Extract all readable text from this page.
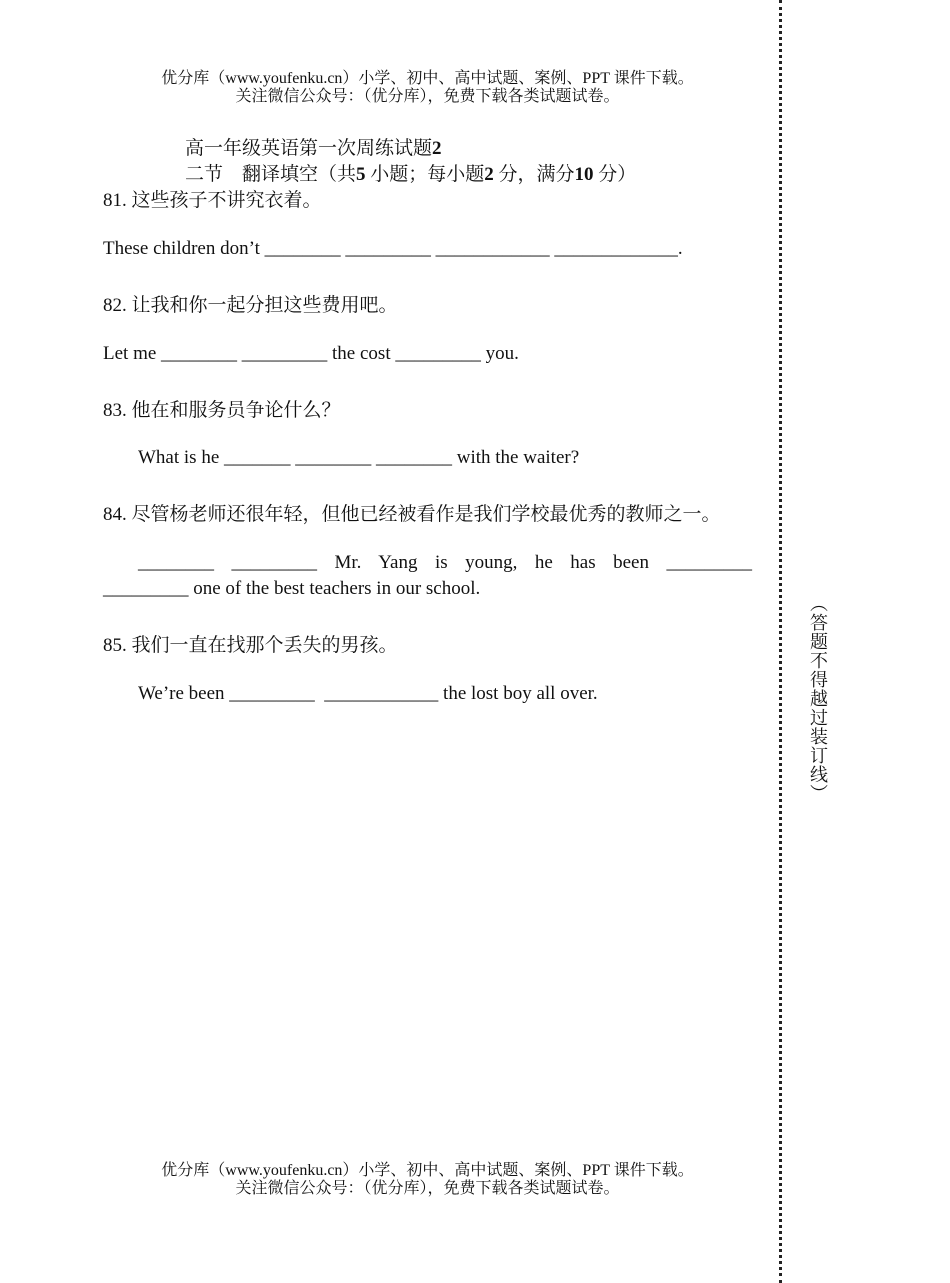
优分库（www.youfenku.cn）小学、初中、高中试题、案例、PPT 课件下载。
关注微信公众号：（优分库），免费下载各类试题试卷。
高一年级英语第一次周练试题2
二节　翻译填空（共5 小题；每小题2 分，满分10 分）
81. 这些孩子不讲究衣着。
These children don’t ________ _________ ____________ _____________.
82. 让我和你一起分担这些费用吧。
Let me ________ _________ the cost _________ you.
83. 他在和服务员争论什么？
What is he _______ ________ ________ with the waiter?
84. 尽管杨老师还很年轻，但他已经被看作是我们学校最优秀的教师之一。
________ _________ Mr. Yang is young, he has been _________
_________ one of the best teachers in our school.
85. 我们一直在找那个丢失的男孩。
We’re been _________  ____________ the lost boy all over.
优分库（www.youfenku.cn）小学、初中、高中试题、案例、PPT 课件下载。
关注微信公众号：（优分库），免费下载各类试题试卷。
（答题不得越过装订线）
